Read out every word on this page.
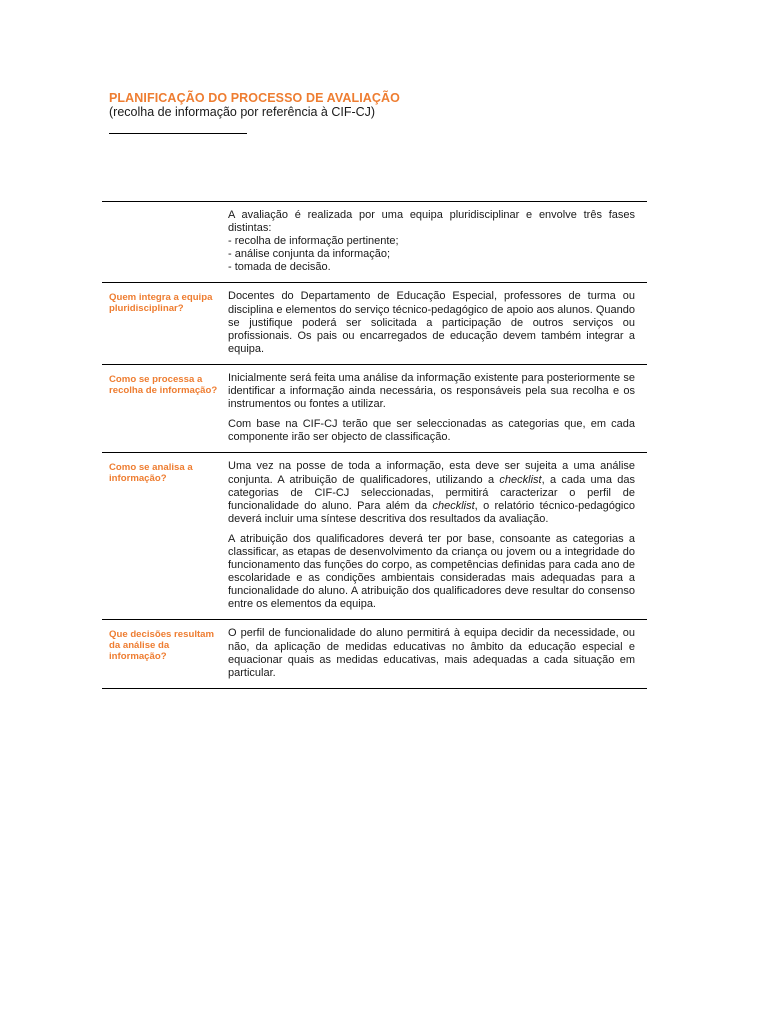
PLANIFICAÇÃO DO PROCESSO DE AVALIAÇÃO
(recolha de informação por referência à CIF-CJ)

A avaliação é realizada por uma equipa pluridisciplinar e envolve três fases distintas:

- recolha de informação pertinente;
- análise conjunta da informação;
- tomada de decisão.
Quem integra a equipa pluridisciplinar?

Docentes do Departamento de Educação Especial, professores de turma ou disciplina e elementos do serviço técnico-pedagógico de apoio aos alunos. Quando se justifique poderá ser solicitada a participação de outros serviços ou profissionais. Os pais ou encarregados de educação devem também integrar a equipa.

Como se processa a recolha de informação?

Inicialmente será feita uma análise da informação existente para posteriormente se identificar a informação ainda necessária, os responsáveis pela sua recolha e os instrumentos ou fontes a utilizar.

Com base na CIF-CJ terão que ser seleccionadas as categorias que, em cada componente irão ser objecto de classificação.

Como se analisa a informação?

Uma vez na posse de toda a informação, esta deve ser sujeita a uma análise conjunta. A atribuição de qualificadores, utilizando a checklist, a cada uma das categorias de CIF-CJ seleccionadas, permitirá caracterizar o perfil de funcionalidade do aluno. Para além da checklist, o relatório técnico-pedagógico deverá incluir uma síntese descritiva dos resultados da avaliação.

A atribuição dos qualificadores deverá ter por base, consoante as categorias a classificar, as etapas de desenvolvimento da criança ou jovem ou a integridade do funcionamento das funções do corpo, as competências definidas para cada ano de escolaridade e as condições ambientais consideradas mais adequadas para a funcionalidade do aluno. A atribuição dos qualificadores deve resultar do consenso entre os elementos da equipa.

Que decisões resultam da análise da informação?

O perfil de funcionalidade do aluno permitirá à equipa decidir da necessidade, ou não, da aplicação de medidas educativas no âmbito da educação especial e equacionar quais as medidas educativas, mais adequadas a cada situação em particular.
